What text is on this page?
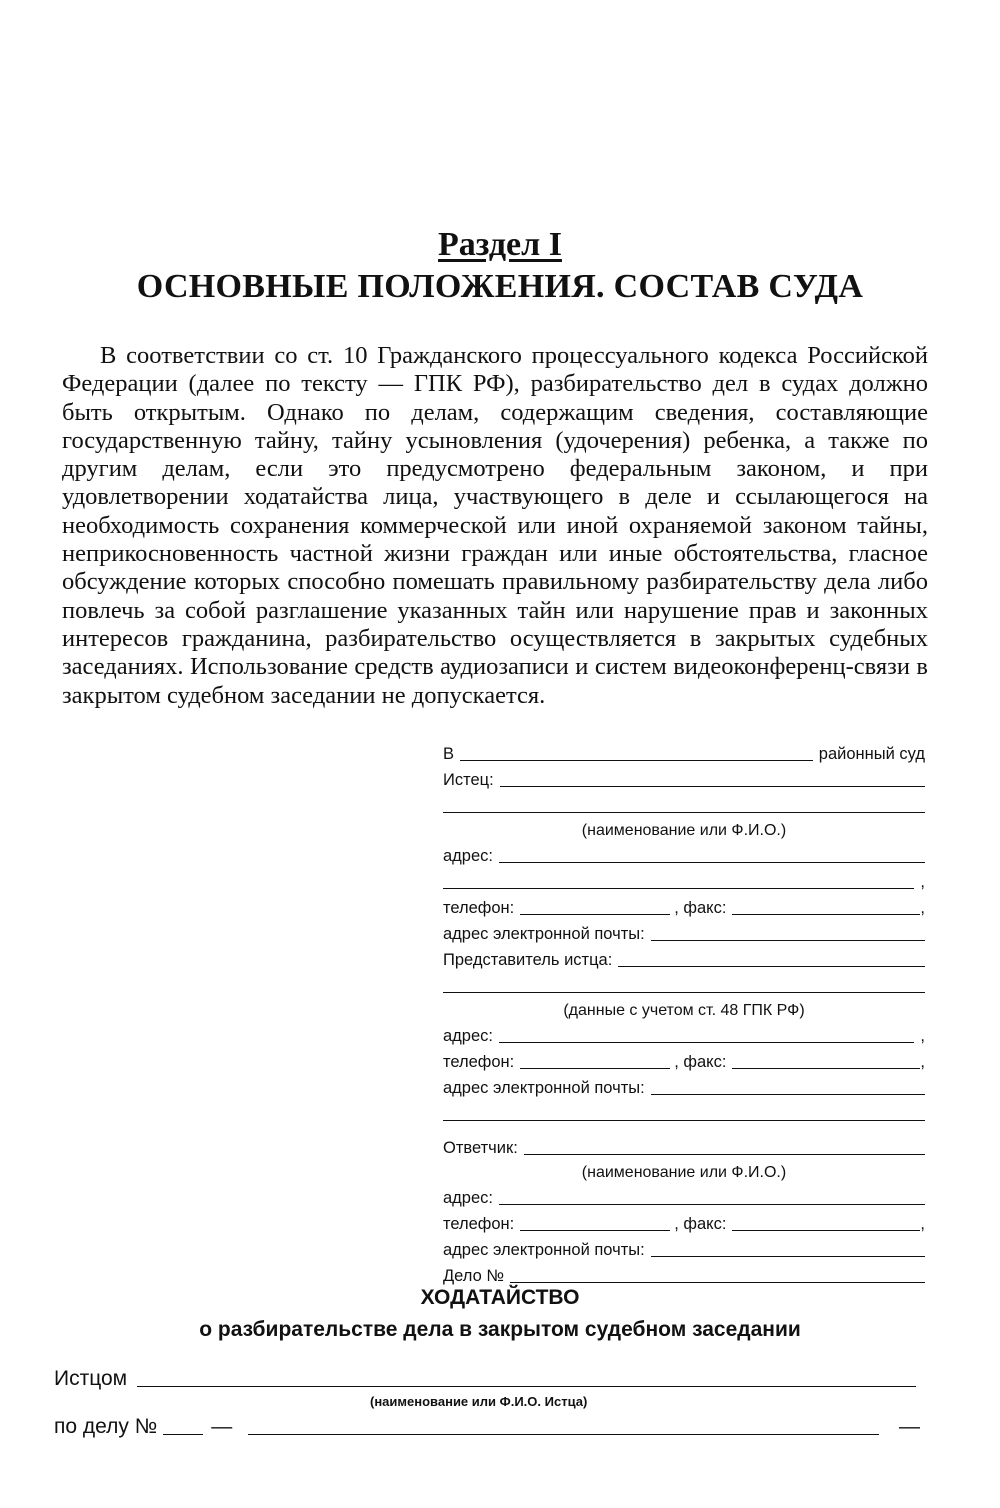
Раздел I
ОСНОВНЫЕ ПОЛОЖЕНИЯ. СОСТАВ СУДА

В соответствии со ст. 10 Гражданского процессуального кодекса Российской Федерации (далее по тексту — ГПК РФ), разбирательство дел в судах должно быть открытым. Однако по делам, содержащим сведения, составляющие государственную тайну, тайну усыновления (удочерения) ребенка, а также по другим делам, если это предусмотрено федеральным законом, и при удовлетворении ходатайства лица, участвующего в деле и ссылающегося на необходимость сохранения коммерческой или иной охраняемой законом тайны, неприкосновенность частной жизни граждан или иные обстоятельства, гласное обсуждение которых способно помешать правильному разбирательству дела либо повлечь за собой разглашение указанных тайн или нарушение прав и законных интересов гражданина, разбирательство осуществляется в закрытых судебных заседаниях. Использование средств аудиозаписи и систем видеоконференц-связи в закрытом судебном заседании не допускается.

В	районный суд
Истец:
(наименование или Ф.И.О.)
адрес:
,
телефон:	, факс:	,
адрес электронной почты:
Представитель истца:
(данные с учетом ст. 48 ГПК РФ)
адрес:	,
телефон:	, факс:	,
адрес электронной почты:
Ответчик:
(наименование или Ф.И.О.)
адрес:
телефон:	, факс:	,
адрес электронной почты:
Дело №
ХОДАТАЙСТВО
о разбирательстве дела в закрытом судебном заседании
Истцом
(наименование или Ф.И.О. Истца)
по делу №	—	—
